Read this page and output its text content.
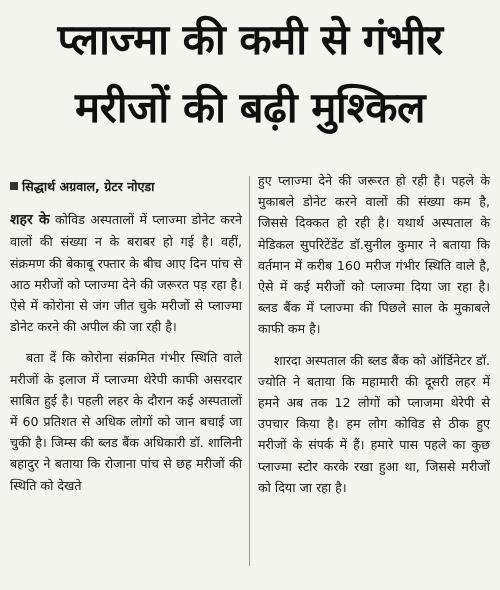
प्लाज्मा की कमी से गंभीर
मरीजों की बढ़ी मुश्किल
सिद्धार्थ अग्रवाल, ग्रेटर नोएडा

शहर के कोविड अस्पतालों में प्लाज्मा डोनेट करने वालों की संख्या न के बराबर हो गई है। वहीं, संक्रमण की बेकाबू रफ्तार के बीच आए दिन पांच से आठ मरीजों को प्लाज्मा देने की जरूरत पड़ रहा है। ऐसे में कोरोना से जंग जीत चुके मरीजों से प्लाज्मा डोनेट करने की अपील की जा रही है।

बता दें कि कोरोना संक्रमित गंभीर स्थिति वाले मरीजों के इलाज में प्लाज्मा थेरेपी काफी असरदार साबित हुई है। पहली लहर के दौरान कई अस्पतालों में 60 प्रतिशत से अधिक लोगों को जान बचाई जा चुकी है। जिम्स की ब्लड बैंक अधिकारी डॉ. शालिनी बहादुर ने बताया कि रोजाना पांच से छह मरीजों की स्थिति को देखते

हुए प्लाज्मा देने की जरूरत हो रही है। पहले के मुकाबले डोनेट करने वालों की संख्या कम है, जिससे दिक्कत हो रही है। यथार्थ अस्पताल के मेडिकल सुपरिटेंडेंट डॉ.सुनील कुमार ने बताया कि वर्तमान में करीब 160 मरीज गंभीर स्थिति वाले है, ऐसे में कई मरीजों को प्लाज्मा दिया जा रहा है। ब्लड बैंक में प्लाज्मा की पिछले साल के मुकाबले काफी कम है।

शारदा अस्पताल की ब्लड बैंक को ऑर्डिनेटर डॉ. ज्योति ने बताया कि महामारी की दूसरी लहर में हमने अब तक 12 लोगों को प्लाजमा थेरेपी से उपचार किया है। हम लोग कोविड से ठीक हुए मरीजों के संपर्क में हैं। हमारे पास पहले का कुछ प्लाज्मा स्टोर करके रखा हुआ था, जिससे मरीजों को दिया जा रहा है।
